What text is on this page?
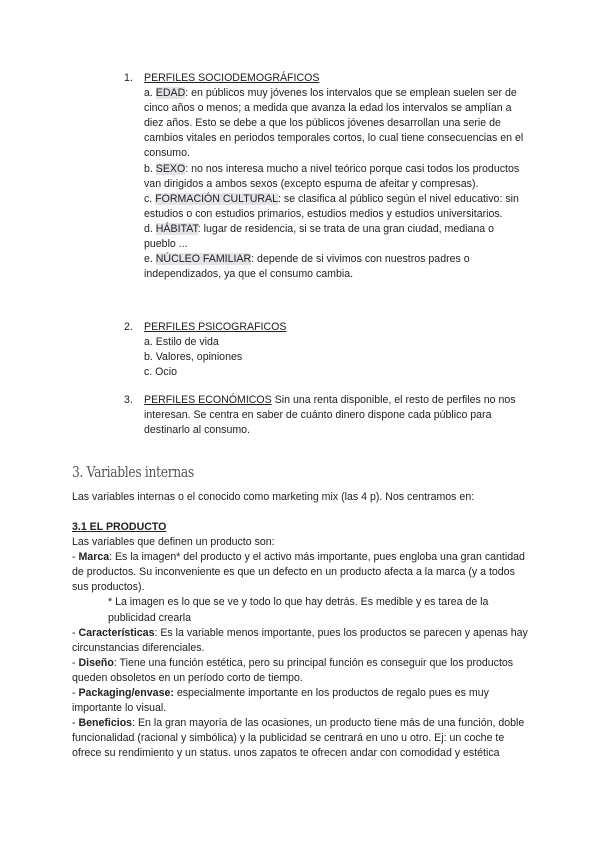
1. PERFILES SOCIODEMOGRÁFICOS

a. EDAD: en públicos muy jóvenes los intervalos que se emplean suelen ser de cinco años o menos; a medida que avanza la edad los intervalos se amplían a diez años. Esto se debe a que los públicos jóvenes desarrollan una serie de cambios vitales en periodos temporales cortos, lo cual tiene consecuencias en el consumo.

b. SEXO: no nos interesa mucho a nivel teórico porque casi todos los productos van dirigidos a ambos sexos (excepto espuma de afeitar y compresas).

c. FORMACIÓN CULTURAL: se clasifica al público según el nivel educativo: sin estudios o con estudios primarios, estudios medios y estudios universitarios.

d. HÁBITAT: lugar de residencia, si se trata de una gran ciudad, mediana o pueblo ...

e. NÚCLEO FAMILIAR: depende de si vivimos con nuestros padres o independizados, ya que el consumo cambia.

2. PERFILES PSICOGRAFICOS
a. Estilo de vida
b. Valores, opiniones
c. Ocio
3. PERFILES ECONÓMICOS Sin una renta disponible, el resto de perfiles no nos interesan. Se centra en saber de cuánto dinero dispone cada público para destinarlo al consumo.

3. Variables internas
Las variables internas o el conocido como marketing mix (las 4 p). Nos centramos en:
3.1 EL PRODUCTO
Las variables que definen un producto son:

- Marca: Es la imagen* del producto y el activo más importante, pues engloba una gran cantidad de productos. Su inconveniente es que un defecto en un producto afecta a la marca (y a todos sus productos).

* La imagen es lo que se ve y todo lo que hay detrás. Es medible y es tarea de la publicidad crearla

- Características: Es la variable menos importante, pues los productos se parecen y apenas hay circunstancias diferenciales.

- Diseño: Tiene una función estética, pero su principal función es conseguir que los productos queden obsoletos en un período corto de tiempo.

- Packaging/envase: especialmente importante en los productos de regalo pues es muy importante lo visual.

- Beneficios: En la gran mayoría de las ocasiones, un producto tiene más de una función, doble funcionalidad (racional y simbólica) y la publicidad se centrará en uno u otro. Ej: un coche te ofrece su rendimiento y un status. unos zapatos te ofrecen andar con comodidad y estética
